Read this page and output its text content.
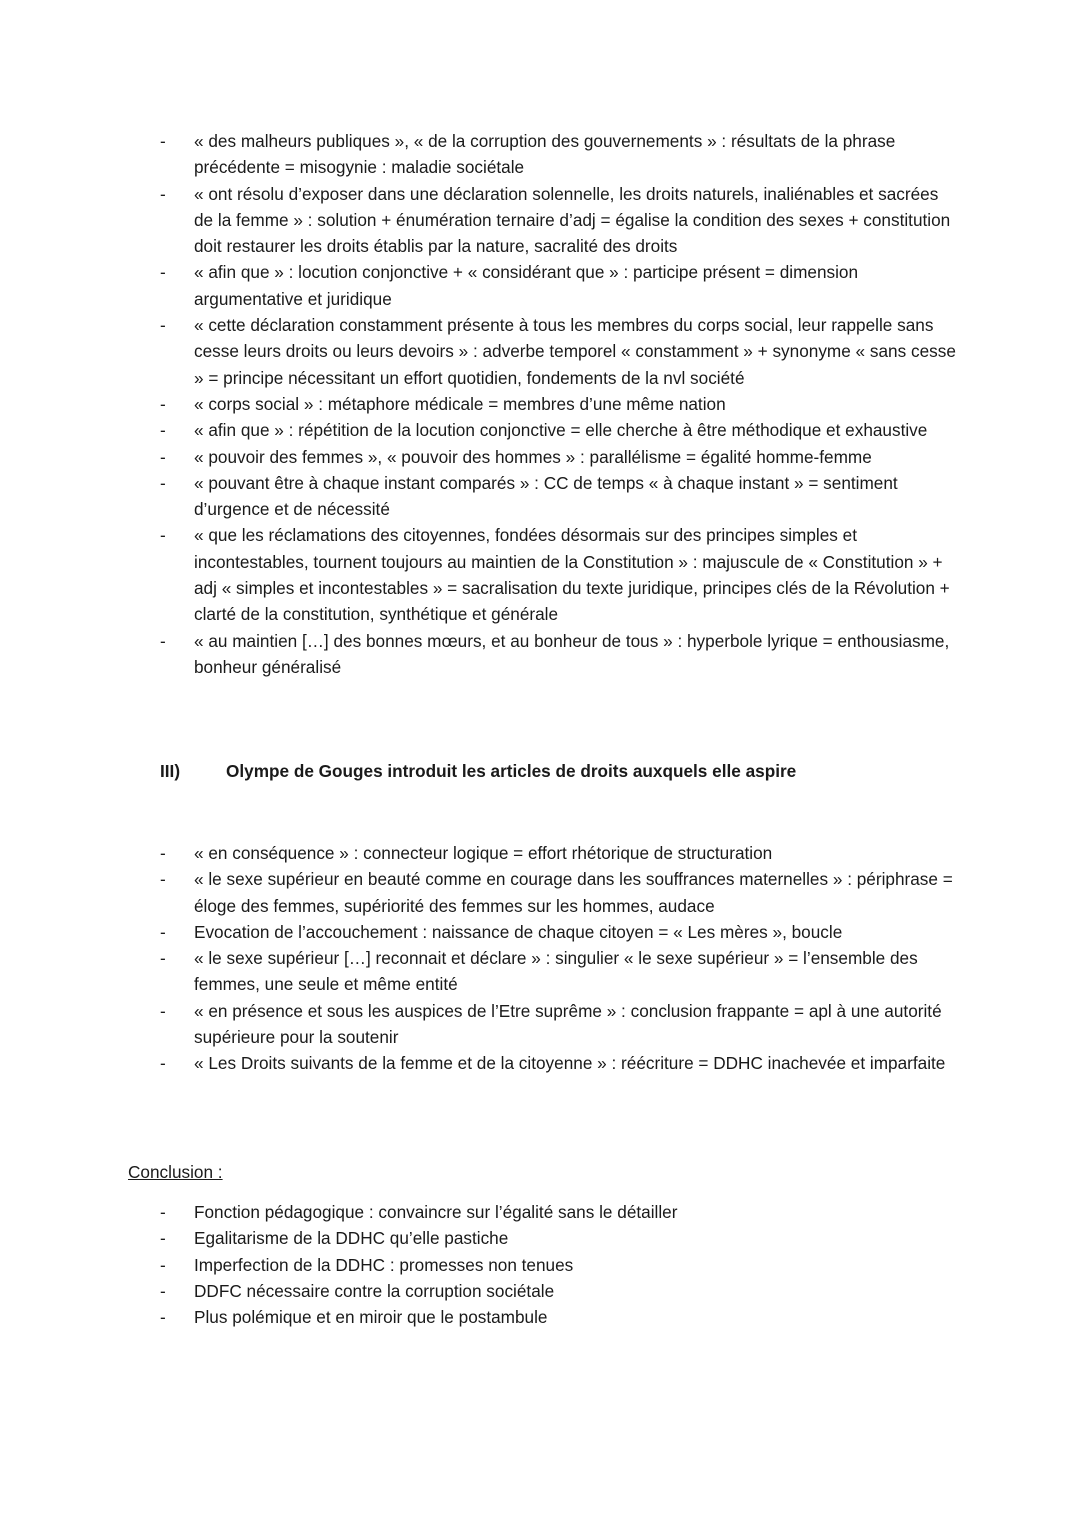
-	« des malheurs publiques », « de la corruption des gouvernements » : résultats de la phrase précédente = misogynie : maladie sociétale
-	« ont résolu d’exposer dans une déclaration solennelle, les droits naturels, inaliénables et sacrées de la femme » : solution + énumération ternaire d’adj = égalise la condition des sexes + constitution doit restaurer les droits établis par la nature, sacralité des droits
-	« afin que » : locution conjonctive + « considérant que » : participe présent = dimension argumentative et juridique
-	« cette déclaration constamment présente à tous les membres du corps social, leur rappelle sans cesse leurs droits ou leurs devoirs » : adverbe temporel « constamment » + synonyme « sans cesse » = principe nécessitant un effort quotidien, fondements de la nvl société
-	« corps social » : métaphore médicale = membres d’une même nation
-	« afin que » : répétition de la locution conjonctive = elle cherche à être méthodique et exhaustive
-	« pouvoir des femmes », « pouvoir des hommes » : parallélisme = égalité homme-femme
-	« pouvant être à chaque instant comparés » : CC de temps « à chaque instant » = sentiment d’urgence et de nécessité
-	« que les réclamations des citoyennes, fondées désormais sur des principes simples et incontestables, tournent toujours au maintien de la Constitution » : majuscule de « Constitution » + adj « simples et incontestables » = sacralisation du texte juridique, principes clés de la Révolution + clarté de la constitution, synthétique et générale
-	« au maintien […] des bonnes mœurs, et au bonheur de tous » : hyperbole lyrique = enthousiasme, bonheur généralisé
III)	Olympe de Gouges introduit les articles de droits auxquels elle aspire
-	« en conséquence » : connecteur logique = effort rhétorique de structuration
-	« le sexe supérieur en beauté comme en courage dans les souffrances maternelles » : périphrase = éloge des femmes, supériorité des femmes sur les hommes, audace
-	Evocation de l’accouchement : naissance de chaque citoyen = « Les mères », boucle
-	« le sexe supérieur […] reconnait et déclare » : singulier « le sexe supérieur » = l’ensemble des femmes, une seule et même entité
-	« en présence et sous les auspices de l’Etre suprême » : conclusion frappante = apl à une autorité supérieure pour la soutenir
-	« Les Droits suivants de la femme et de la citoyenne » : réécriture = DDHC inachevée et imparfaite
Conclusion :
-	Fonction pédagogique : convaincre sur l’égalité sans le détailler
-	Egalitarisme de la DDHC qu’elle pastiche
-	Imperfection de la DDHC : promesses non tenues
-	DDFC nécessaire contre la corruption sociétale
-	Plus polémique et en miroir que le postambule
